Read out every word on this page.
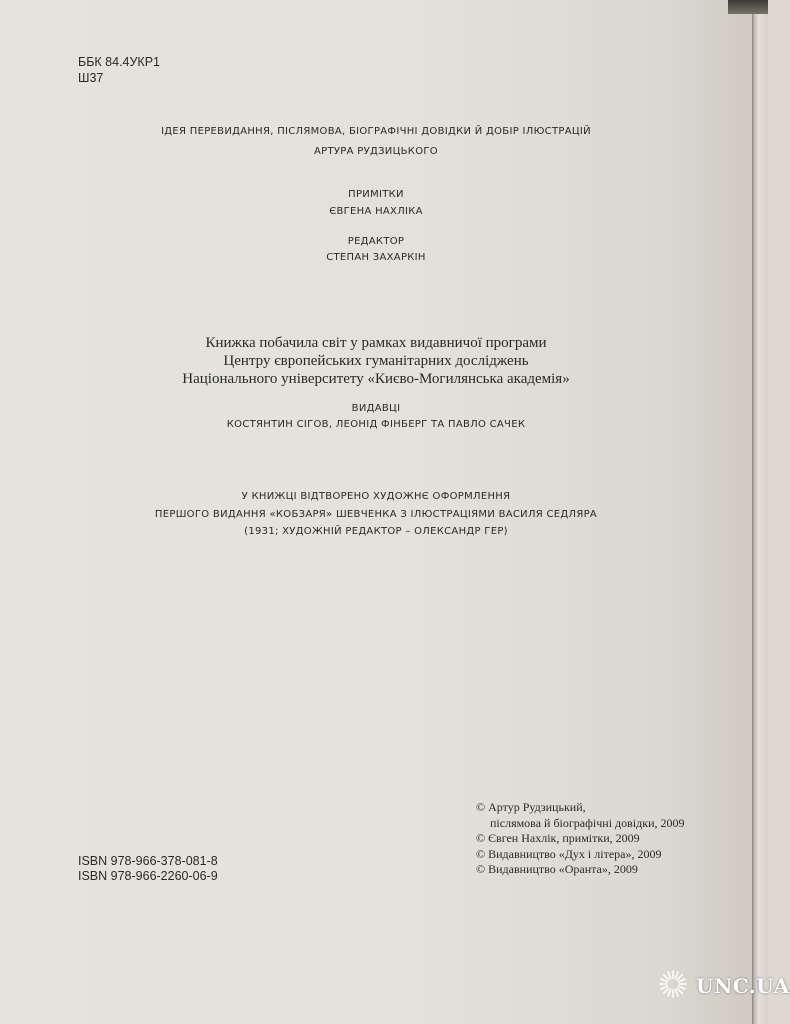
ББК 84.4УКР1
Ш37
ІДЕЯ ПЕРЕВИДАННЯ, ПІСЛЯМОВА, БІОГРАФІЧНІ ДОВІДКИ Й ДОБІР ІЛЮСТРАЦІЙ
АРТУРА РУДЗИЦЬКОГО
ПРИМІТКИ
ЄВГЕНА НАХЛІКА
РЕДАКТОР
СТЕПАН ЗАХАРКІН
Книжка побачила світ у рамках видавничої програми
Центру європейських гуманітарних досліджень
Національного університету «Києво-Могилянська академія»
ВИДАВЦІ
КОСТЯНТИН СІГОВ, ЛЕОНІД ФІНБЕРГ ТА ПАВЛО САЧЕК
У КНИЖЦІ ВІДТВОРЕНО ХУДОЖНЄ ОФОРМЛЕННЯ
ПЕРШОГО ВИДАННЯ «КОБЗАРЯ» ШЕВЧЕНКА З ІЛЮСТРАЦІЯМИ ВАСИЛЯ СЕДЛЯРА
(1931; ХУДОЖНІЙ РЕДАКТОР – ОЛЕКСАНДР ГЕР)
© Артур Рудзицький,
післямова й біографічні довідки, 2009
© Євген Нахлік, примітки, 2009
© Видавництво «Дух і літера», 2009
© Видавництво «Оранта», 2009
ISBN 978-966-378-081-8
ISBN 978-966-2260-06-9
UNC.UA
